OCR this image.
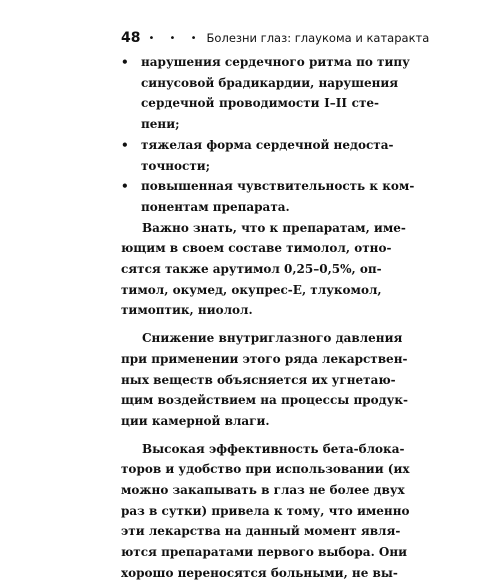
48 • • • Болезни глаз: глаукома и катаракта
•	нарушения сердечного ритма по типу
синусовой брадикардии, нарушения
сердечной проводимости I–II сте-
пени;
•	тяжелая форма сердечной недоста-
точности;
•	повышенная чувствительность к ком-
понентам препарата.
Важно знать, что к препаратам, име-
ющим в своем составе тимолол, отно-
сятся также арутимол 0,25–0,5%, оп-
тимол, окумед, окупрес-Е, тлукомол,
тимоптик, ниолол.
Снижение внутриглазного давления
при применении этого ряда лекарствен-
ных веществ объясняется их угнетаю-
щим воздействием на процессы продук-
ции камерной влаги.
Высокая эффективность бета-блока-
торов и удобство при использовании (их
можно закапывать в глаз не более двух
раз в сутки) привела к тому, что именно
эти лекарства на данный момент явля-
ются препаратами первого выбора. Они
хорошо переносятся больными, не вы-
